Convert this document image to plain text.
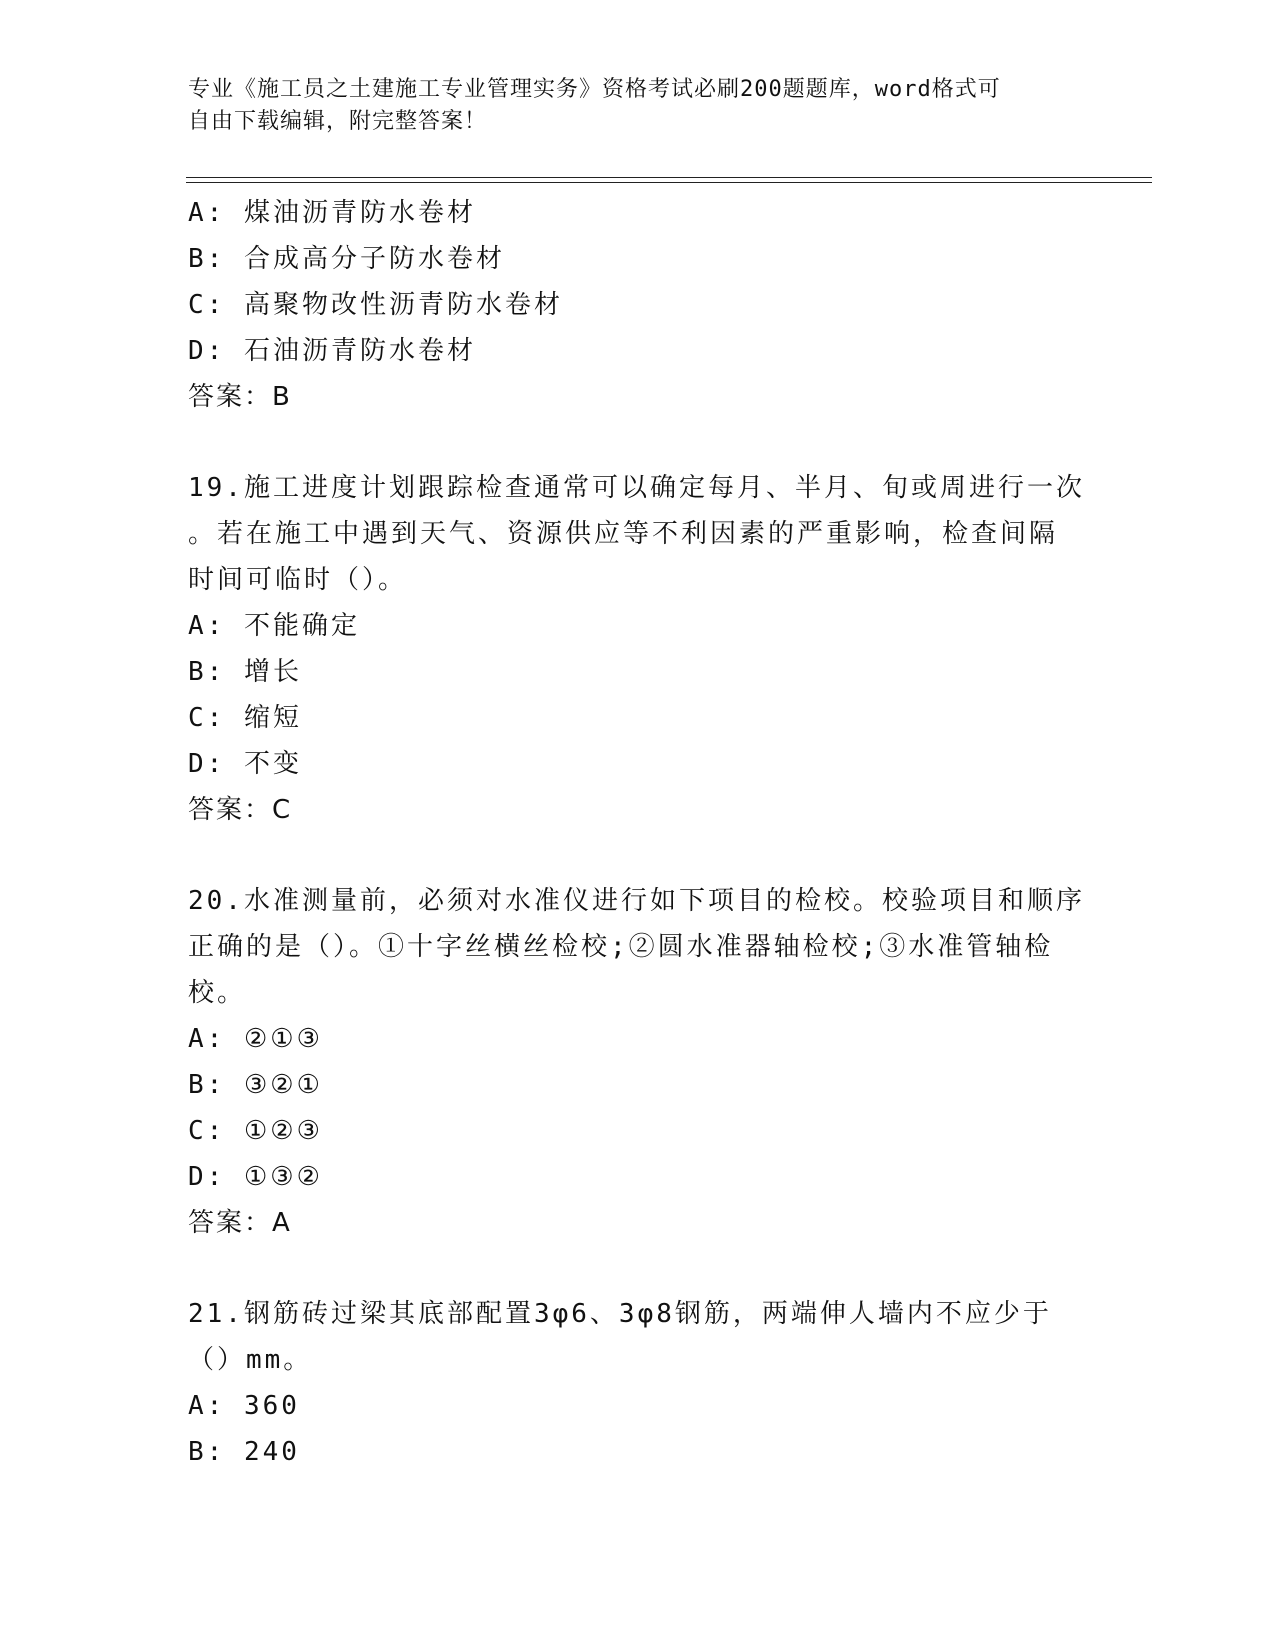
专业《施工员之土建施工专业管理实务》资格考试必刷200题题库，word格式可
自由下载编辑，附完整答案！
A: 煤油沥青防水卷材
B: 合成高分子防水卷材
C: 高聚物改性沥青防水卷材
D: 石油沥青防水卷材
答案：B
19.施工进度计划跟踪检查通常可以确定每月、半月、旬或周进行一次
。若在施工中遇到天气、资源供应等不利因素的严重影响，检查间隔
时间可临时（）。
A: 不能确定
B: 增长
C: 缩短
D: 不变
答案：C
20.水准测量前，必须对水准仪进行如下项目的检校。校验项目和顺序
正确的是（）。①十字丝横丝检校;②圆水准器轴检校;③水准管轴检
校。
A: ②①③
B: ③②①
C: ①②③
D: ①③②
答案：A
21.钢筋砖过梁其底部配置3φ6、3φ8钢筋，两端伸人墙内不应少于
（）mm。
A: 360
B: 240
